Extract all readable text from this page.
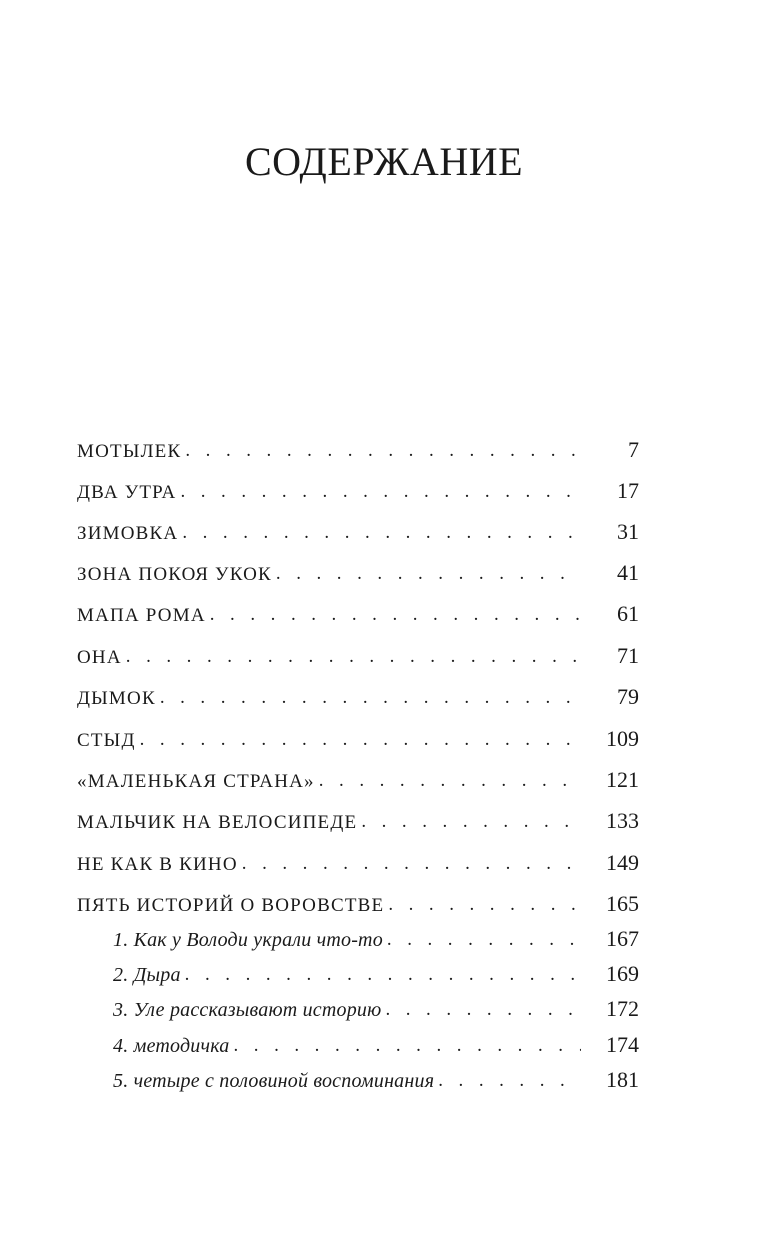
СОДЕРЖАНИЕ
МОТЫЛЕК . . .	7
ДВА УТРА . . .	17
ЗИМОВКА . . .	31
ЗОНА ПОКОЯ УКОК . . .	41
МАПА РОМА . . .	61
ОНА . . .	71
ДЫМОК . . .	79
СТЫД . . .	109
«МАЛЕНЬКАЯ СТРАНА» . . .	121
МАЛЬЧИК НА ВЕЛОСИПЕДЕ . . .	133
НЕ КАК В КИНО . . .	149
ПЯТЬ ИСТОРИЙ О ВОРОВСТВЕ . . .	165
1. Как у Володи украли что-то . . .	167
2. Дыра . . .	169
3. Уле рассказывают историю . . .	172
4. методичка . . .	174
5. четыре с половиной воспоминания . . .	181
